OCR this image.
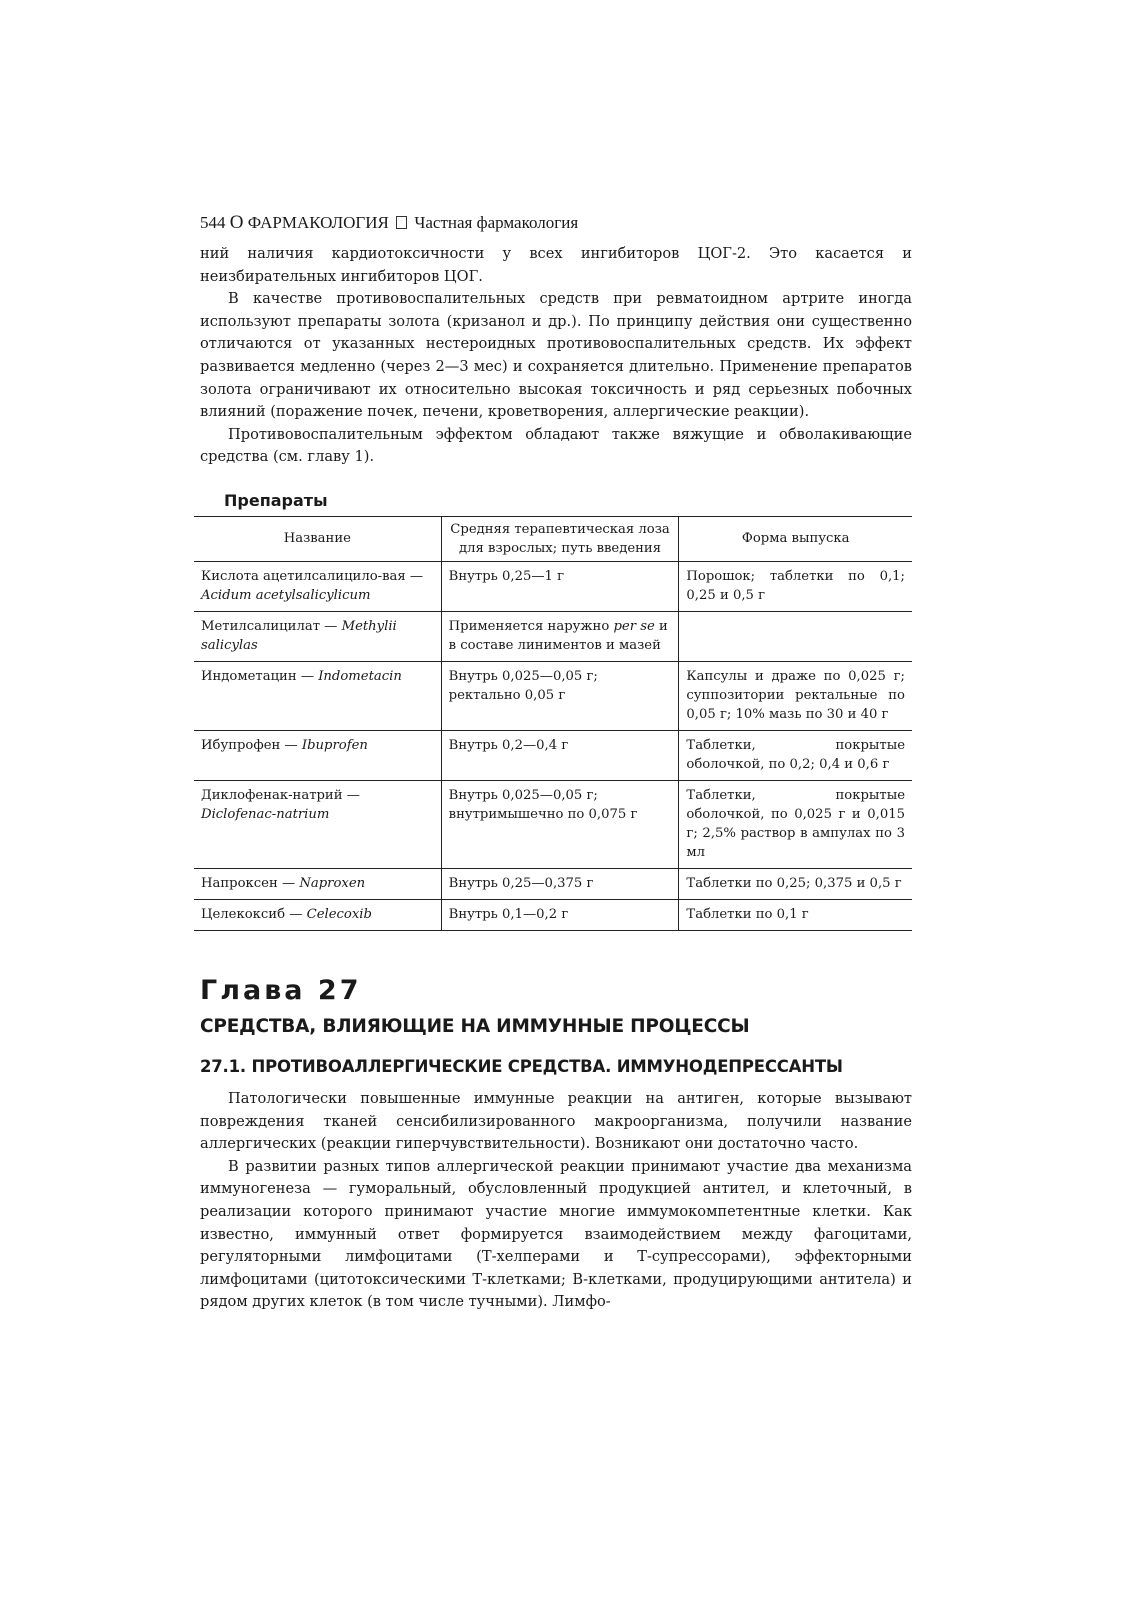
544 О ФАРМАКОЛОГИЯ Частная фармакология

ний наличия кардиотоксичности у всех ингибиторов ЦОГ-2. Это касается и неизбирательных ингибиторов ЦОГ.

В качестве противовоспалительных средств при ревматоидном артрите иногда используют препараты золота (кризанол и др.). По принципу действия они существенно отличаются от указанных нестероидных противовоспалительных средств. Их эффект развивается медленно (через 2—3 мес) и сохраняется длительно. Применение препаратов золота ограничивают их относительно высокая токсичность и ряд серьезных побочных влияний (поражение почек, печени, кроветворения, аллергические реакции).

Противовоспалительным эффектом обладают также вяжущие и обволакивающие средства (см. главу 1).

Препараты
Название	Средняя терапевтическая лоза для взрослых; путь введения	Форма выпуска
Кислота ацетилсалицило-вая — Acidum acetylsalicylicum	Внутрь 0,25—1 г	Порошок; таблетки по 0,1; 0,25 и 0,5 г
Метилсалицилат — Methylii salicylas	Применяется наружно per se и в составе линиментов и мазей	
Индометацин — Indometacin	Внутрь 0,025—0,05 г; ректально 0,05 г	Капсулы и драже по 0,025 г; суппозитории ректальные по 0,05 г; 10% мазь по 30 и 40 г
Ибупрофен — Ibuprofen	Внутрь 0,2—0,4 г	Таблетки, покрытые оболочкой, по 0,2; 0,4 и 0,6 г
Диклофенак-натрий — Diclofenac-natrium	Внутрь 0,025—0,05 г; внутримышечно по 0,075 г	Таблетки, покрытые оболочкой, по 0,025 г и 0,015 г; 2,5% раствор в ампулах по 3 мл
Напроксен — Naproxen	Внутрь 0,25—0,375 г	Таблетки по 0,25; 0,375 и 0,5 г
Целекоксиб — Celecoxib	Внутрь 0,1—0,2 г	Таблетки по 0,1 г
Глава 27
СРЕДСТВА, ВЛИЯЮЩИЕ НА ИММУННЫЕ ПРОЦЕССЫ
27.1. ПРОТИВОАЛЛЕРГИЧЕСКИЕ СРЕДСТВА. ИММУНОДЕПРЕССАНТЫ

Патологически повышенные иммунные реакции на антиген, которые вызывают повреждения тканей сенсибилизированного макроорганизма, получили название аллергических (реакции гиперчувствительности). Возникают они достаточно часто.

В развитии разных типов аллергической реакции принимают участие два механизма иммуногенеза — гуморальный, обусловленный продукцией антител, и клеточный, в реализации которого принимают участие многие иммумокомпетентные клетки. Как известно, иммунный ответ формируется взаимодействием между фагоцитами, регуляторными лимфоцитами (Т-хелперами и Т-супрессорами), эффекторными лимфоцитами (цитотоксическими Т-клетками; В-клетками, продуцирующими антитела) и рядом других клеток (в том числе тучными). Лимфо-
